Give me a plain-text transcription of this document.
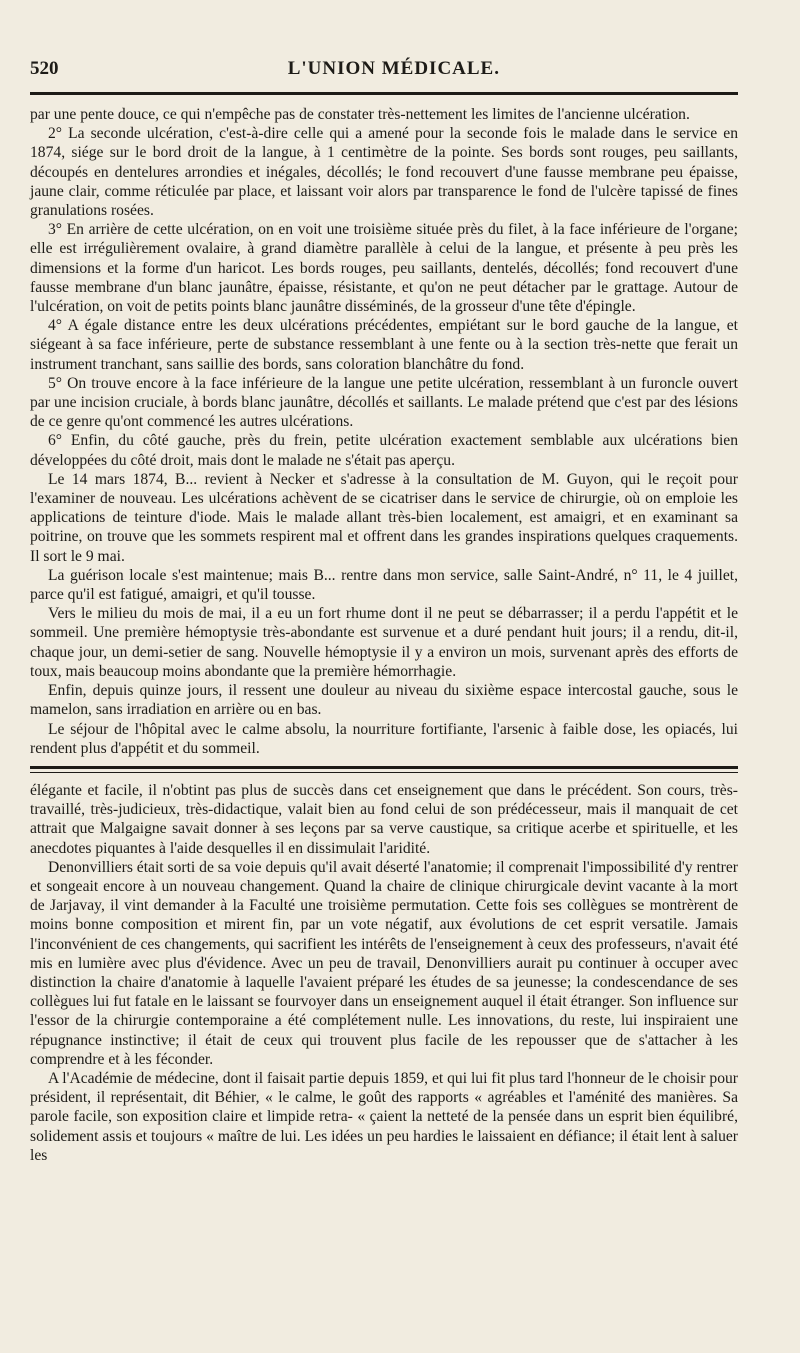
520	L'UNION MÉDICALE.

par une pente douce, ce qui n'empêche pas de constater très-nettement les limites de l'ancienne ulcération.

2° La seconde ulcération, c'est-à-dire celle qui a amené pour la seconde fois le malade dans le service en 1874, siége sur le bord droit de la langue, à 1 centimètre de la pointe. Ses bords sont rouges, peu saillants, découpés en dentelures arrondies et inégales, décollés; le fond recouvert d'une fausse membrane peu épaisse, jaune clair, comme réticulée par place, et laissant voir alors par transparence le fond de l'ulcère tapissé de fines granulations rosées.

3° En arrière de cette ulcération, on en voit une troisième située près du filet, à la face inférieure de l'organe; elle est irrégulièrement ovalaire, à grand diamètre parallèle à celui de la langue, et présente à peu près les dimensions et la forme d'un haricot. Les bords rouges, peu saillants, dentelés, décollés; fond recouvert d'une fausse membrane d'un blanc jaunâtre, épaisse, résistante, et qu'on ne peut détacher par le grattage. Autour de l'ulcération, on voit de petits points blanc jaunâtre disséminés, de la grosseur d'une tête d'épingle.

4° A égale distance entre les deux ulcérations précédentes, empiétant sur le bord gauche de la langue, et siégeant à sa face inférieure, perte de substance ressemblant à une fente ou à la section très-nette que ferait un instrument tranchant, sans saillie des bords, sans coloration blanchâtre du fond.

5° On trouve encore à la face inférieure de la langue une petite ulcération, ressemblant à un furoncle ouvert par une incision cruciale, à bords blanc jaunâtre, décollés et saillants. Le malade prétend que c'est par des lésions de ce genre qu'ont commencé les autres ulcérations.

6° Enfin, du côté gauche, près du frein, petite ulcération exactement semblable aux ulcérations bien développées du côté droit, mais dont le malade ne s'était pas aperçu.

Le 14 mars 1874, B... revient à Necker et s'adresse à la consultation de M. Guyon, qui le reçoit pour l'examiner de nouveau. Les ulcérations achèvent de se cicatriser dans le service de chirurgie, où on emploie les applications de teinture d'iode. Mais le malade allant très-bien localement, est amaigri, et en examinant sa poitrine, on trouve que les sommets respirent mal et offrent dans les grandes inspirations quelques craquements. Il sort le 9 mai.

La guérison locale s'est maintenue; mais B... rentre dans mon service, salle Saint-André, n° 11, le 4 juillet, parce qu'il est fatigué, amaigri, et qu'il tousse.

Vers le milieu du mois de mai, il a eu un fort rhume dont il ne peut se débarrasser; il a perdu l'appétit et le sommeil. Une première hémoptysie très-abondante est survenue et a duré pendant huit jours; il a rendu, dit-il, chaque jour, un demi-setier de sang. Nouvelle hémoptysie il y a environ un mois, survenant après des efforts de toux, mais beaucoup moins abondante que la première hémorrhagie.

Enfin, depuis quinze jours, il ressent une douleur au niveau du sixième espace intercostal gauche, sous le mamelon, sans irradiation en arrière ou en bas.

Le séjour de l'hôpital avec le calme absolu, la nourriture fortifiante, l'arsenic à faible dose, les opiacés, lui rendent plus d'appétit et du sommeil.

élégante et facile, il n'obtint pas plus de succès dans cet enseignement que dans le précédent. Son cours, très-travaillé, très-judicieux, très-didactique, valait bien au fond celui de son prédécesseur, mais il manquait de cet attrait que Malgaigne savait donner à ses leçons par sa verve caustique, sa critique acerbe et spirituelle, et les anecdotes piquantes à l'aide desquelles il en dissimulait l'aridité.

Denonvilliers était sorti de sa voie depuis qu'il avait déserté l'anatomie; il comprenait l'impossibilité d'y rentrer et songeait encore à un nouveau changement. Quand la chaire de clinique chirurgicale devint vacante à la mort de Jarjavay, il vint demander à la Faculté une troisième permutation. Cette fois ses collègues se montrèrent de moins bonne composition et mirent fin, par un vote négatif, aux évolutions de cet esprit versatile. Jamais l'inconvénient de ces changements, qui sacrifient les intérêts de l'enseignement à ceux des professeurs, n'avait été mis en lumière avec plus d'évidence. Avec un peu de travail, Denonvilliers aurait pu continuer à occuper avec distinction la chaire d'anatomie à laquelle l'avaient préparé les études de sa jeunesse; la condescendance de ses collègues lui fut fatale en le laissant se fourvoyer dans un enseignement auquel il était étranger. Son influence sur l'essor de la chirurgie contemporaine a été complétement nulle. Les innovations, du reste, lui inspiraient une répugnance instinctive; il était de ceux qui trouvent plus facile de les repousser que de s'attacher à les comprendre et à les féconder.

A l'Académie de médecine, dont il faisait partie depuis 1859, et qui lui fit plus tard l'honneur de le choisir pour président, il représentait, dit Béhier, « le calme, le goût des rapports « agréables et l'aménité des manières. Sa parole facile, son exposition claire et limpide retra- « çaient la netteté de la pensée dans un esprit bien équilibré, solidement assis et toujours « maître de lui. Les idées un peu hardies le laissaient en défiance; il était lent à saluer les
